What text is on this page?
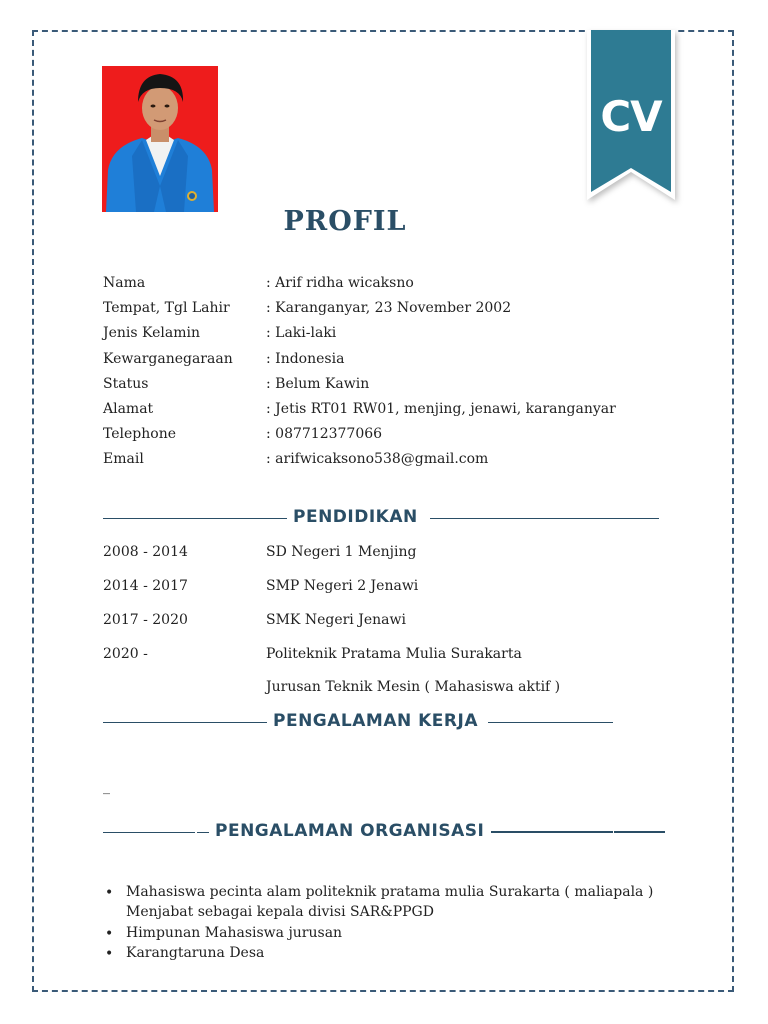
CV
PROFIL
Nama	: Arif ridha wicaksno
Tempat, Tgl Lahir	: Karanganyar, 23 November 2002
Jenis Kelamin	: Laki-laki
Kewarganegaraan : Indonesia
Status	: Belum Kawin
Alamat	: Jetis RT01 RW01, menjing, jenawi, karanganyar
Telephone	: 087712377066
Email	: arifwicaksono538@gmail.com
PENDIDIKAN
2008 - 2014	SD Negeri 1 Menjing
2014 - 2017	SMP Negeri 2 Jenawi
2017 - 2020	SMK Negeri Jenawi
2020 -	Politeknik Pratama Mulia Surakarta
Jurusan Teknik Mesin ( Mahasiswa aktif )
PENGALAMAN KERJA
_
PENGALAMAN ORGANISASI
• Mahasiswa pecinta alam politeknik pratama mulia Surakarta ( maliapala )
Menjabat sebagai kepala divisi SAR&PPGD
• Himpunan Mahasiswa jurusan
• Karangtaruna Desa
